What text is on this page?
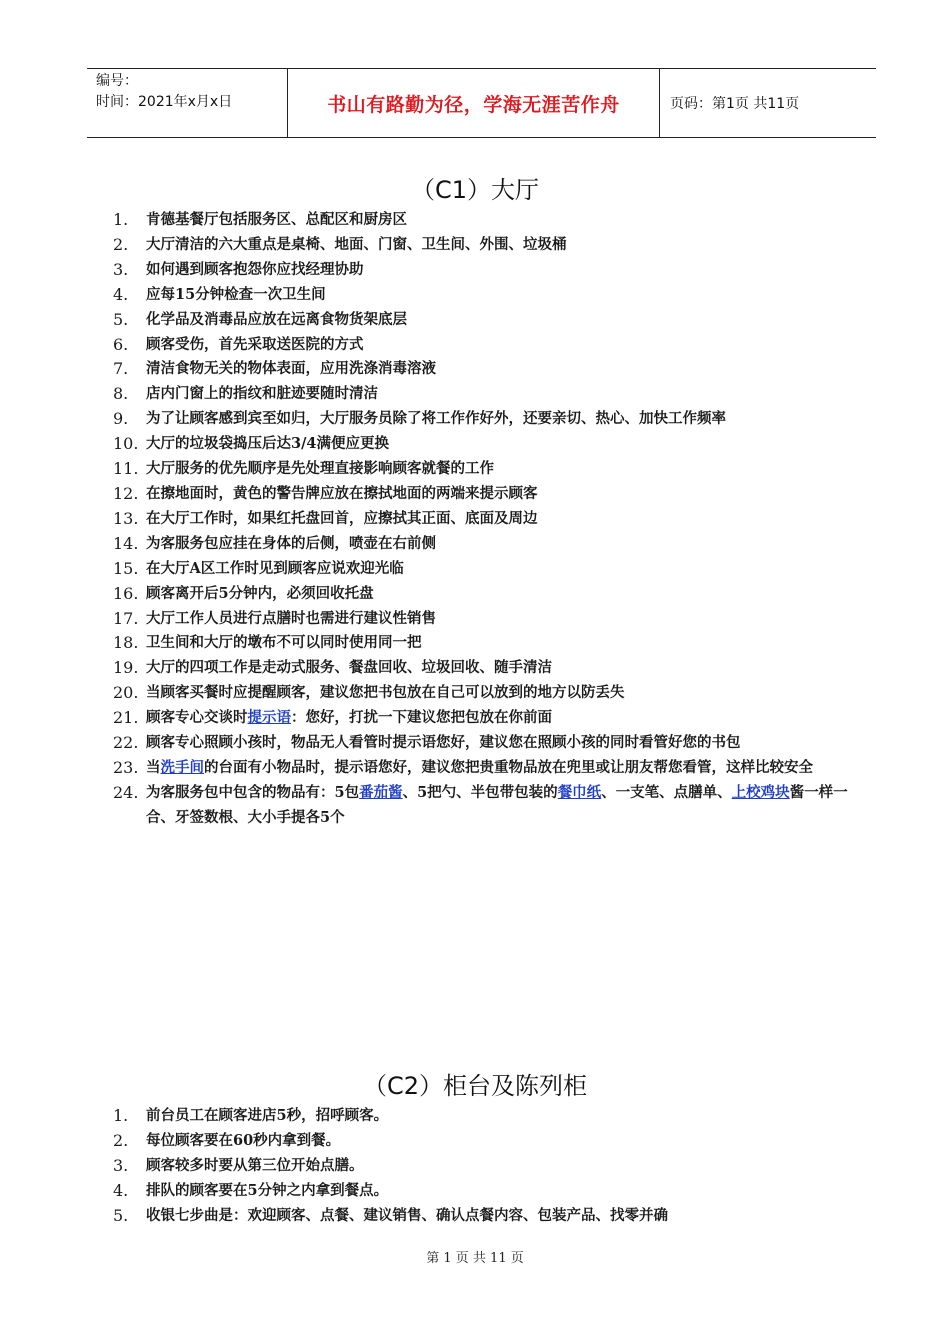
编号：
时间：2021年x月x日	书山有路勤为径，学海无涯苦作舟	页码：第1页 共11页
（C1）大厅
1. 肯德基餐厅包括服务区、总配区和厨房区
2. 大厅清洁的六大重点是桌椅、地面、门窗、卫生间、外围、垃圾桶
3. 如何遇到顾客抱怨你应找经理协助
4. 应每15分钟检查一次卫生间
5. 化学品及消毒品应放在远离食物货架底层
6. 顾客受伤，首先采取送医院的方式
7. 清洁食物无关的物体表面，应用洗涤消毒溶液
8. 店内门窗上的指纹和脏迹要随时清洁
9. 为了让顾客感到宾至如归，大厅服务员除了将工作作好外，还要亲切、热心、加快工作频率
10. 大厅的垃圾袋捣压后达3/4满便应更换
11. 大厅服务的优先顺序是先处理直接影响顾客就餐的工作
12. 在擦地面时，黄色的警告牌应放在擦拭地面的两端来提示顾客
13. 在大厅工作时，如果红托盘回首，应擦拭其正面、底面及周边
14. 为客服务包应挂在身体的后侧，喷壶在右前侧
15. 在大厅A区工作时见到顾客应说欢迎光临
16. 顾客离开后5分钟内，必须回收托盘
17. 大厅工作人员进行点膳时也需进行建议性销售
18. 卫生间和大厅的墩布不可以同时使用同一把
19. 大厅的四项工作是走动式服务、餐盘回收、垃圾回收、随手清洁
20. 当顾客买餐时应提醒顾客，建议您把书包放在自己可以放到的地方以防丢失
21. 顾客专心交谈时提示语：您好，打扰一下建议您把包放在你前面
22. 顾客专心照顾小孩时，物品无人看管时提示语您好，建议您在照顾小孩的同时看管好您的书包
23. 当洗手间的台面有小物品时，提示语您好，建议您把贵重物品放在兜里或让朋友帮您看管，这样比较安全
24. 为客服务包中包含的物品有：5包番茄酱、5把勺、半包带包装的餐巾纸、一支笔、点膳单、上校鸡块酱一样一合、牙签数根、大小手提各5个
（C2）柜台及陈列柜
1. 前台员工在顾客进店5秒，招呼顾客。
2. 每位顾客要在60秒内拿到餐。
3. 顾客较多时要从第三位开始点膳。
4. 排队的顾客要在5分钟之内拿到餐点。
5. 收银七步曲是：欢迎顾客、点餐、建议销售、确认点餐内容、包装产品、找零并确
第 1 页 共 11 页
